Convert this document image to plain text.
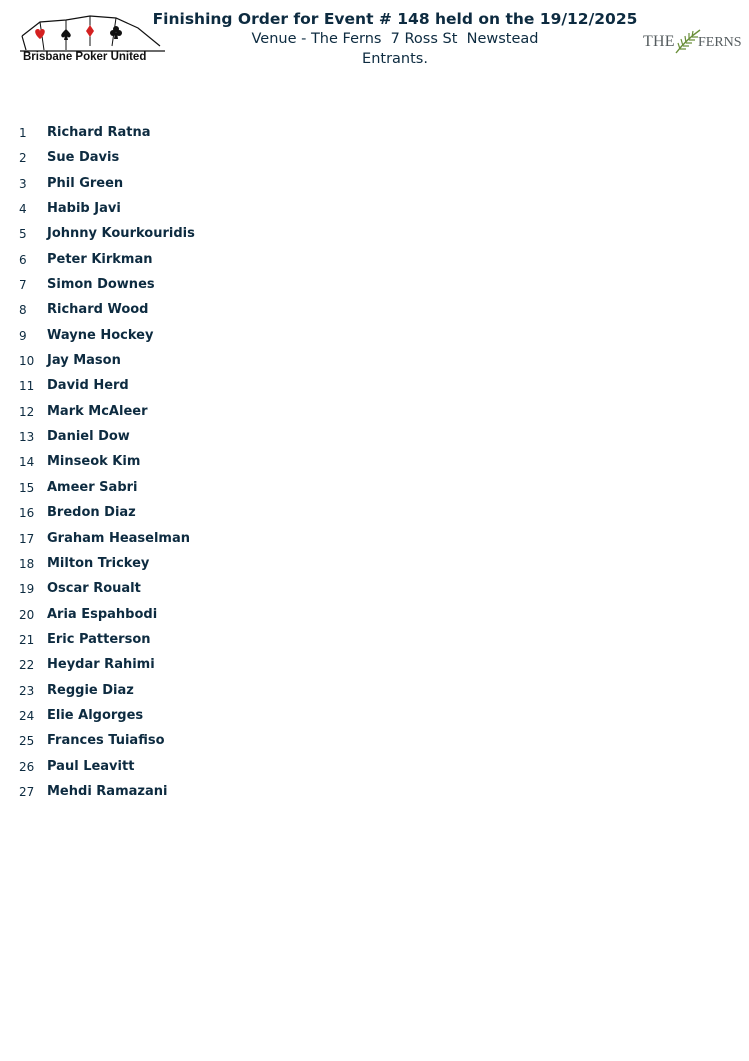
Brisbane Poker United
Finishing Order for Event # 148 held on the 19/12/2025
Venue - The Ferns  7 Ross St  Newstead
Entrants.
THE FERNS
1 Richard Ratna
2 Sue Davis
3 Phil Green
4 Habib Javi
5 Johnny Kourkouridis
6 Peter Kirkman
7 Simon Downes
8 Richard Wood
9 Wayne Hockey
10 Jay Mason
11 David Herd
12 Mark McAleer
13 Daniel Dow
14 Minseok Kim
15 Ameer Sabri
16 Bredon Diaz
17 Graham Heaselman
18 Milton Trickey
19 Oscar Roualt
20 Aria Espahbodi
21 Eric Patterson
22 Heydar Rahimi
23 Reggie Diaz
24 Elie Algorges
25 Frances Tuiafiso
26 Paul Leavitt
27 Mehdi Ramazani
